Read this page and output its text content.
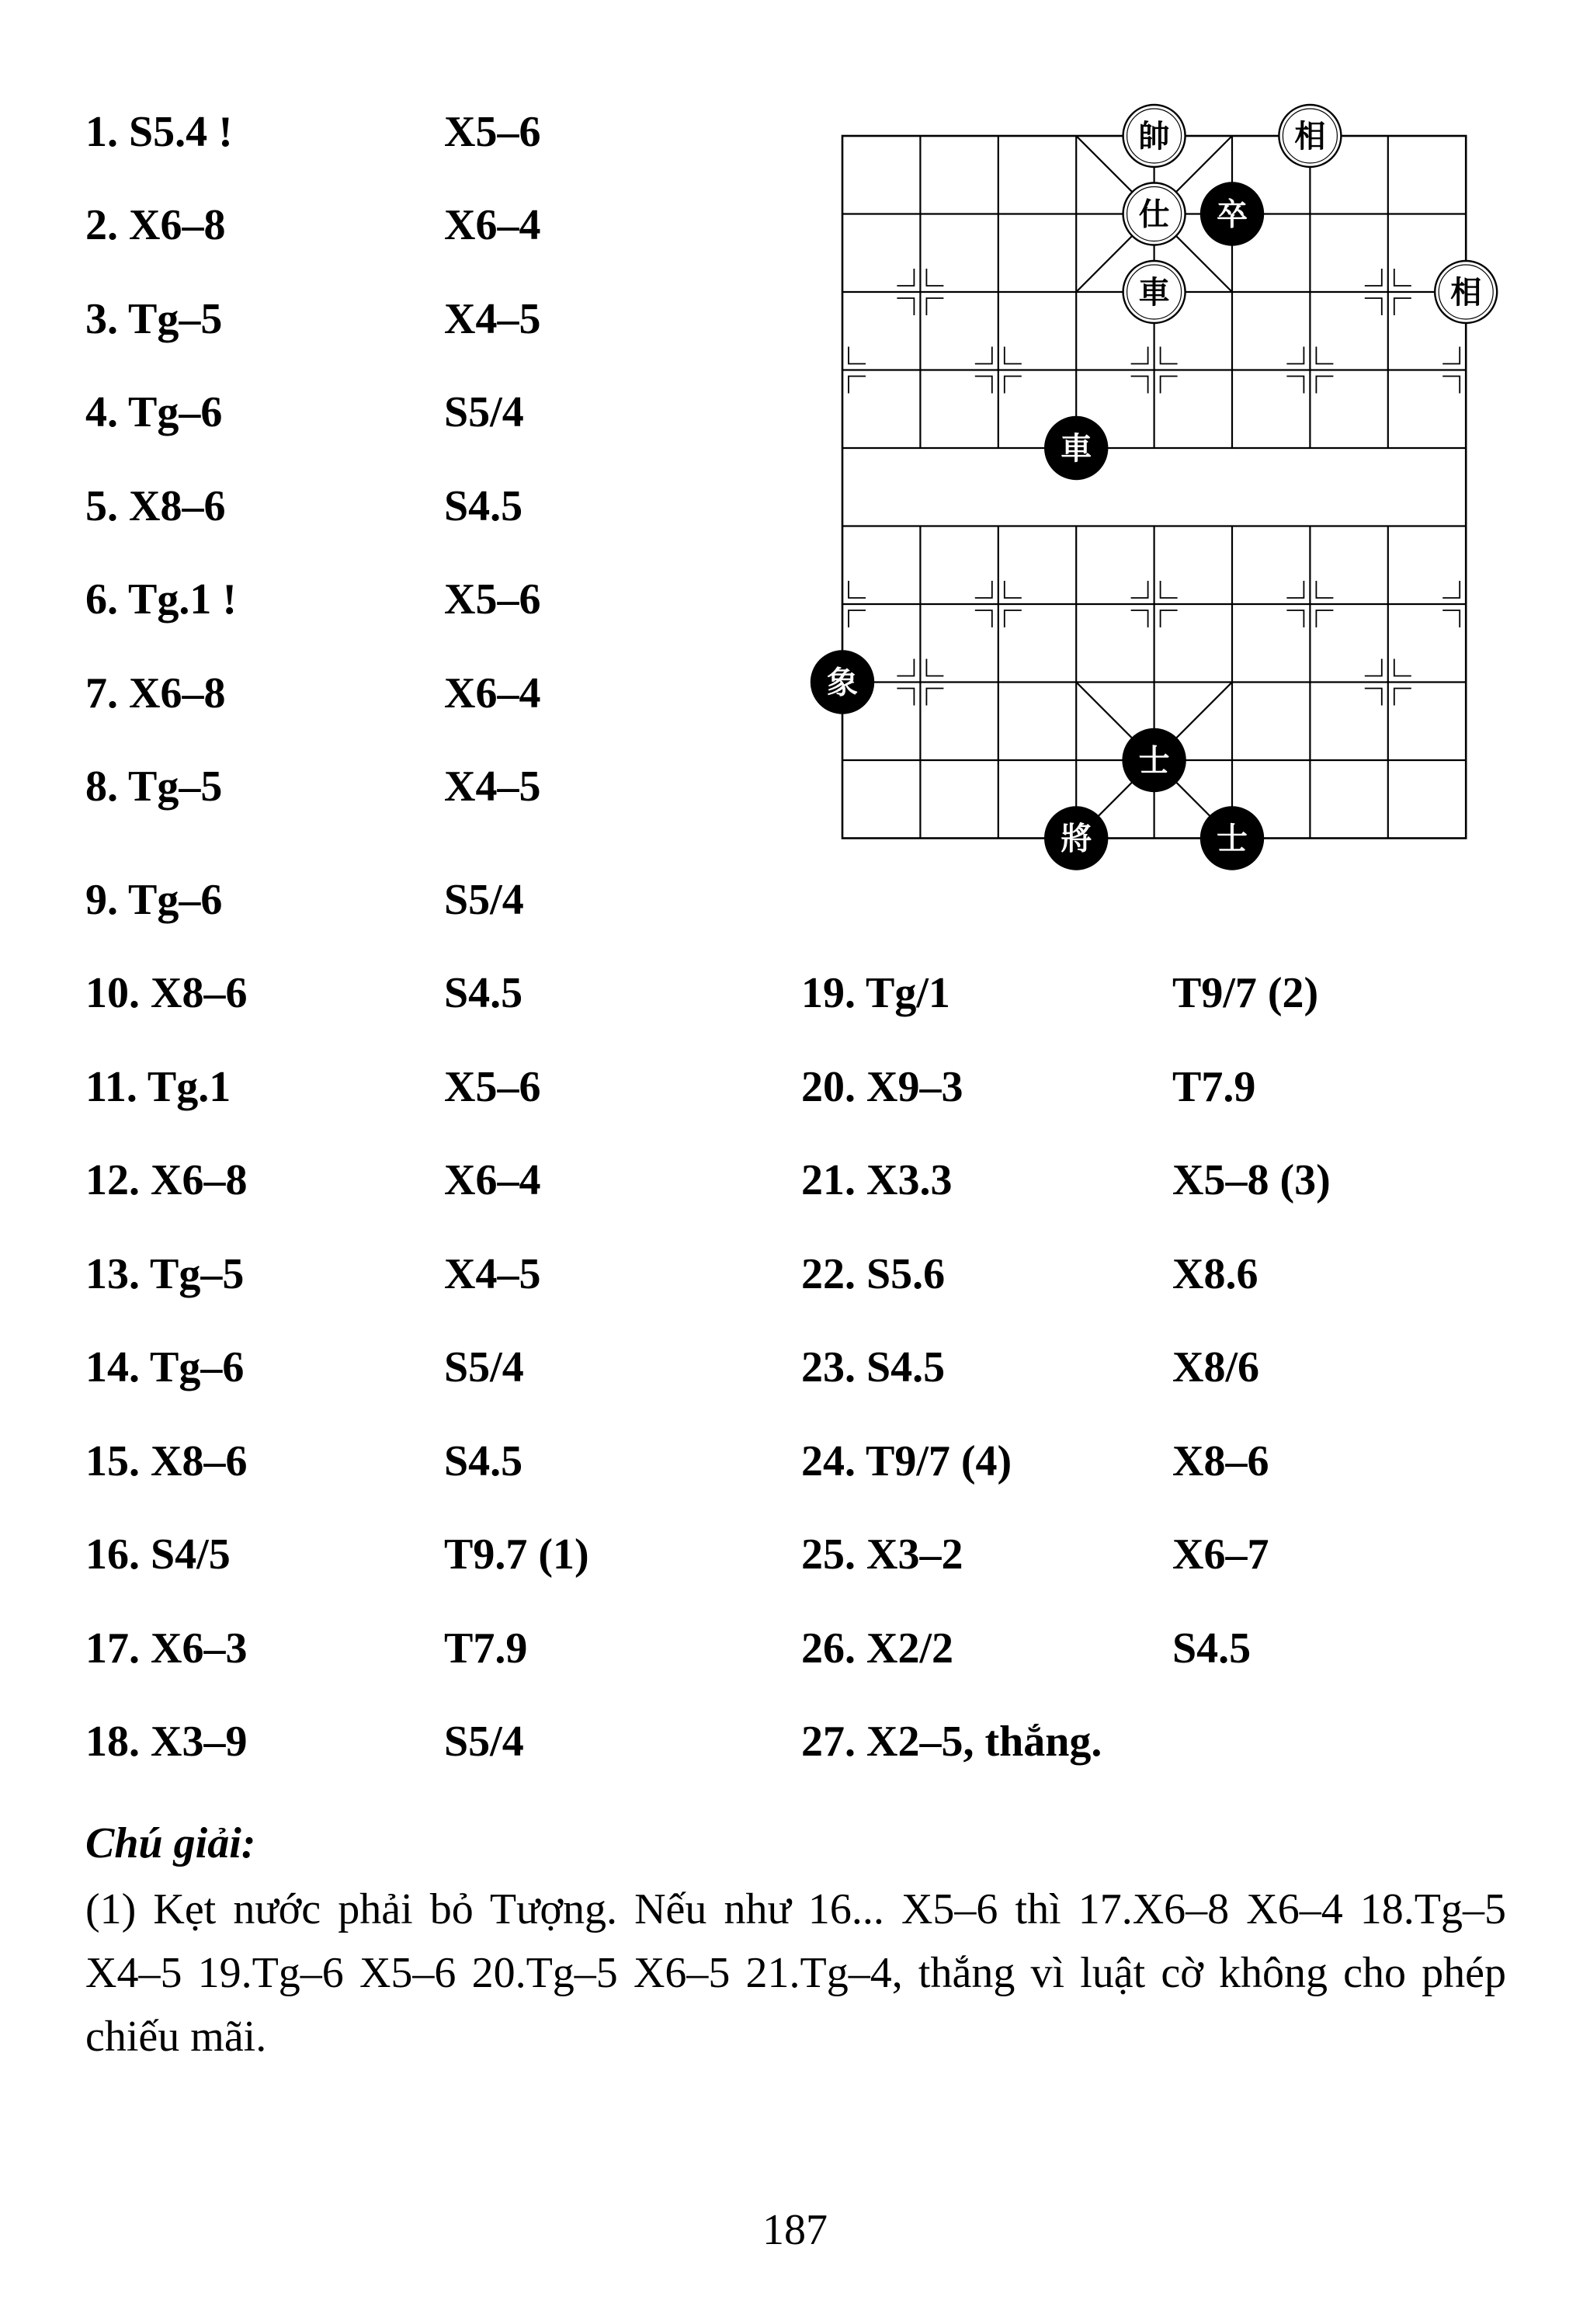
1. S5.4 !	X5–6
2. X6–8	X6–4
3. Tg–5	X4–5
4. Tg–6	S5/4
5. X8–6	S4.5
6. Tg.1 !	X5–6
7. X6–8	X6–4
8. Tg–5	X4–5
9. Tg–6	S5/4
10. X8–6	S4.5
11. Tg.1	X5–6
12. X6–8	X6–4
13. Tg–5	X4–5
14. Tg–6	S5/4
15. X8–6	S4.5
16. S4/5	T9.7 (1)
17. X6–3	T7.9
18. X3–9	S5/4
19. Tg/1	T9/7 (2)
20. X9–3	T7.9
21. X3.3	X5–8 (3)
22. S5.6	X8.6
23. S4.5	X8/6
24. T9/7 (4)	X8–6
25. X3–2	X6–7
26. X2/2	S4.5
27. X2–5, thắng.
帥	相
仕 卒
車	相
車
象
士
將	士
Chú giải:
(1) Kẹt nước phải bỏ Tượng. Nếu như 16... X5–6 thì 17.X6–8 X6–4 18.Tg–5 X4–5 19.Tg–6 X5–6 20.Tg–5 X6–5 21.Tg–4, thắng vì luật cờ không cho phép chiếu mãi.
187
